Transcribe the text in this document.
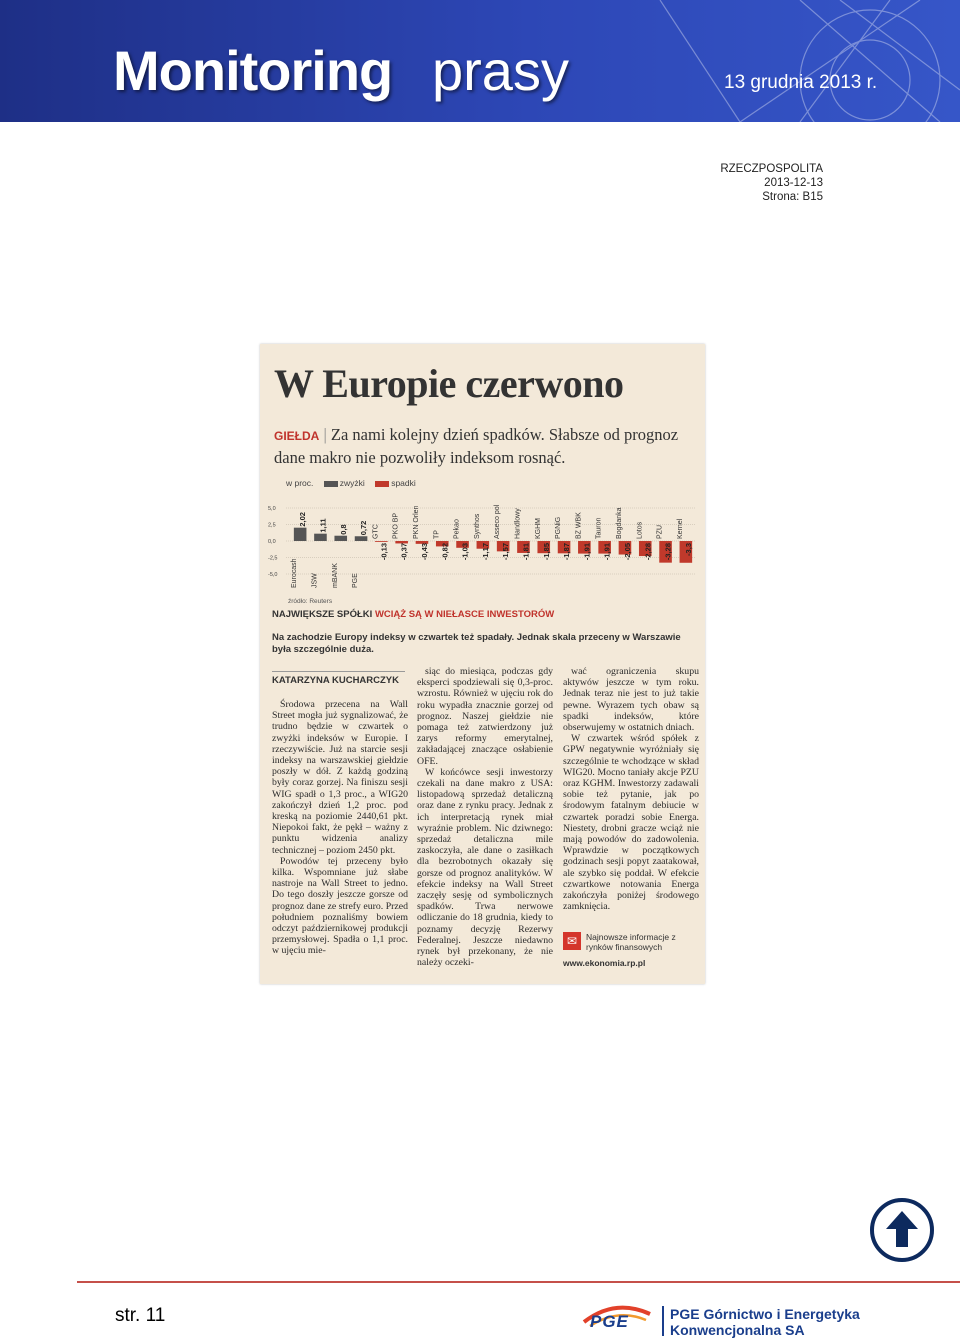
Monitoring prasy	13 grudnia 2013 r.
RZECZPOSPOLITA
2013-12-13
Strona: B15
W Europie czerwono
GIEŁDA | Za nami kolejny dzień spadków. Słabsze od prognoz dane makro nie pozwoliły indeksom rosnąć.
w proc.	zwyżki	spadki
5,0
2,5
0,0
-2,5
-5,0 Eurocash
2,02
JSW
1,11
mBANK
0,8
PGE
0,72 GTC
-0,13
PKO BP
-0,37
PKN Orlen
-0,43
TP
-0,82
Pekao
-1,03
Synthos
-1,17
Asseco pol
-1,57
Handlowy
-1,81
KGHM
-1,85
PGNiG
-1,87
BZ WBK
-1,91
Tauron
-1,91
Bogdanka
-2,05
Lotos
-2,28
PZU
-3,28
Kernel
-3,3
źródło: Reuters
NAJWIĘKSZE SPÓŁKI WCIĄŻ SĄ W NIEŁASCE INWESTORÓW
Na zachodzie Europy indeksy w czwartek też spadały. Jednak skala przeceny w Warszawie była szczególnie duża.
KATARZYNA KUCHARCZYK

Środowa przecena na Wall Street mogła już sygnalizować, że trudno będzie w czwartek o zwyżki indeksów w Europie. I rzeczywiście. Już na starcie sesji indeksy na warszawskiej giełdzie poszły w dół. Z każdą godziną były coraz gorzej. Na finiszu sesji WIG spadł o 1,3 proc., a WIG20 zakończył dzień 1,2 proc. pod kreską na poziomie 2440,61 pkt. Niepokoi fakt, że pękł – ważny z punktu widzenia analizy technicznej – poziom 2450 pkt.

Powodów tej przeceny było kilka. Wspomniane już słabe nastroje na Wall Street to jedno. Do tego doszły jeszcze gorsze od prognoz dane ze strefy euro. Przed południem poznaliśmy bowiem odczyt październikowej produkcji przemysłowej. Spadła o 1,1 proc. w ujęciu mie-

siąc do miesiąca, podczas gdy eksperci spodziewali się 0,3-proc. wzrostu. Również w ujęciu rok do roku wypadła znacznie gorzej od prognoz. Naszej giełdzie nie pomaga też zatwierdzony już zarys reformy emerytalnej, zakładającej znaczące osłabienie OFE.

W końcówce sesji inwestorzy czekali na dane makro z USA: listopadową sprzedaż detaliczną oraz dane z rynku pracy. Jednak z ich interpretacją rynek miał wyraźnie problem. Nic dziwnego: sprzedaż detaliczna mile zaskoczyła, ale dane o zasiłkach dla bezrobotnych okazały się gorsze od prognoz analityków. W efekcie indeksy na Wall Street zaczęły sesję od symbolicznych spadków. Trwa nerwowe odliczanie do 18 grudnia, kiedy to poznamy decyzję Rezerwy Federalnej. Jeszcze niedawno rynek był przekonany, że nie należy oczeki-

wać ograniczenia skupu aktywów jeszcze w tym roku. Jednak teraz nie jest to już takie pewne. Wyrazem tych obaw są spadki indeksów, które obserwujemy w ostatnich dniach.

W czwartek wśród spółek z GPW negatywnie wyróżniały się szczególnie te wchodzące w skład WIG20. Mocno taniały akcje PZU oraz KGHM. Inwestorzy zadawali sobie też pytanie, jak po środowym fatalnym debiucie w czwartek poradzi sobie Energa. Niestety, drobni gracze wciąż nie mają powodów do zadowolenia. Wprawdzie w początkowych godzinach sesji popyt zaatakował, ale szybko się poddał. W efekcie czwartkowe notowania Energa zakończyła poniżej środowego zamknięcia.

✉	Najnowsze informacje z rynków finansowych
www.ekonomia.rp.pl
str. 11	PGE	PGE Górnictwo i Energetyka
Konwencjonalna SA
